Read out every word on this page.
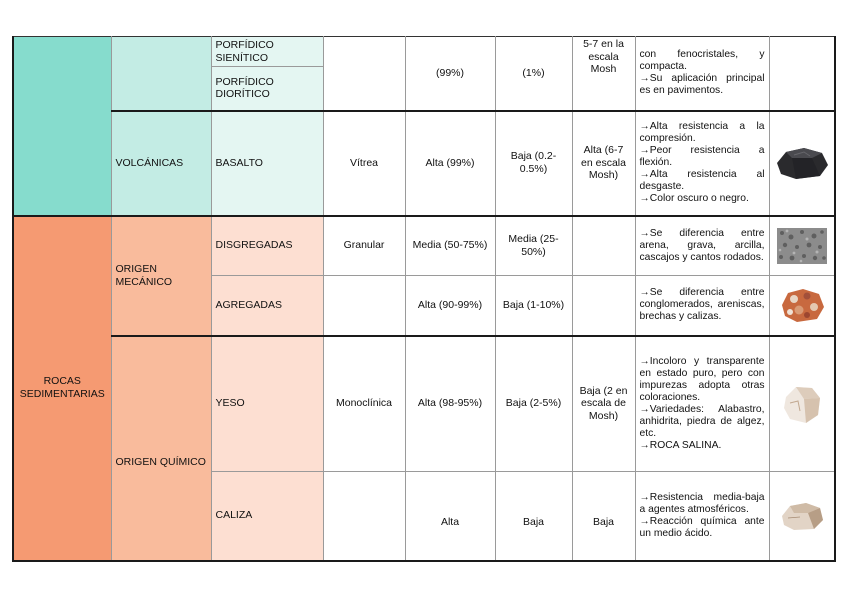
		PORFÍDICO SIENÍTICO		(99%)	(1%)	5-7 en la escala Mosh	con fenocristales, y compacta.
→Su aplicación principal es en pavimentos.	

		PORFÍDICO DIORÍTICO						
	VOLCÁNICAS	BASALTO	Vítrea	Alta (99%)	Baja (0.2-0.5%)	Alta (6-7 en escala Mosh)	→Alta resistencia a la compresión.
→Peor resistencia a flexión.
→Alta resistencia al desgaste.
→Color oscuro o negro.

ROCAS SEDIMENTARIAS	ORIGEN MECÁNICO	DISGREGADAS	Granular	Media (50-75%)	Media (25-50%)		→Se diferencia entre arena, grava, arcilla, cascajos y cantos rodados.

		AGREGADAS		Alta (90-99%)	Baja (1-10%)		→Se diferencia entre conglomerados, areniscas, brechas y calizas.

	ORIGEN QUÍMICO	YESO	Monoclínica	Alta (98-95%)	Baja (2-5%)	Baja (2 en escala de Mosh)	→Incoloro y transparente en estado puro, pero con impurezas adopta otras coloraciones.
→Variedades: Alabastro, anhidrita, piedra de algez, etc.
→ROCA SALINA.

		CALIZA		Alta	Baja	Baja	→Resistencia media-baja a agentes atmosféricos.
→Reacción química ante un medio ácido.
